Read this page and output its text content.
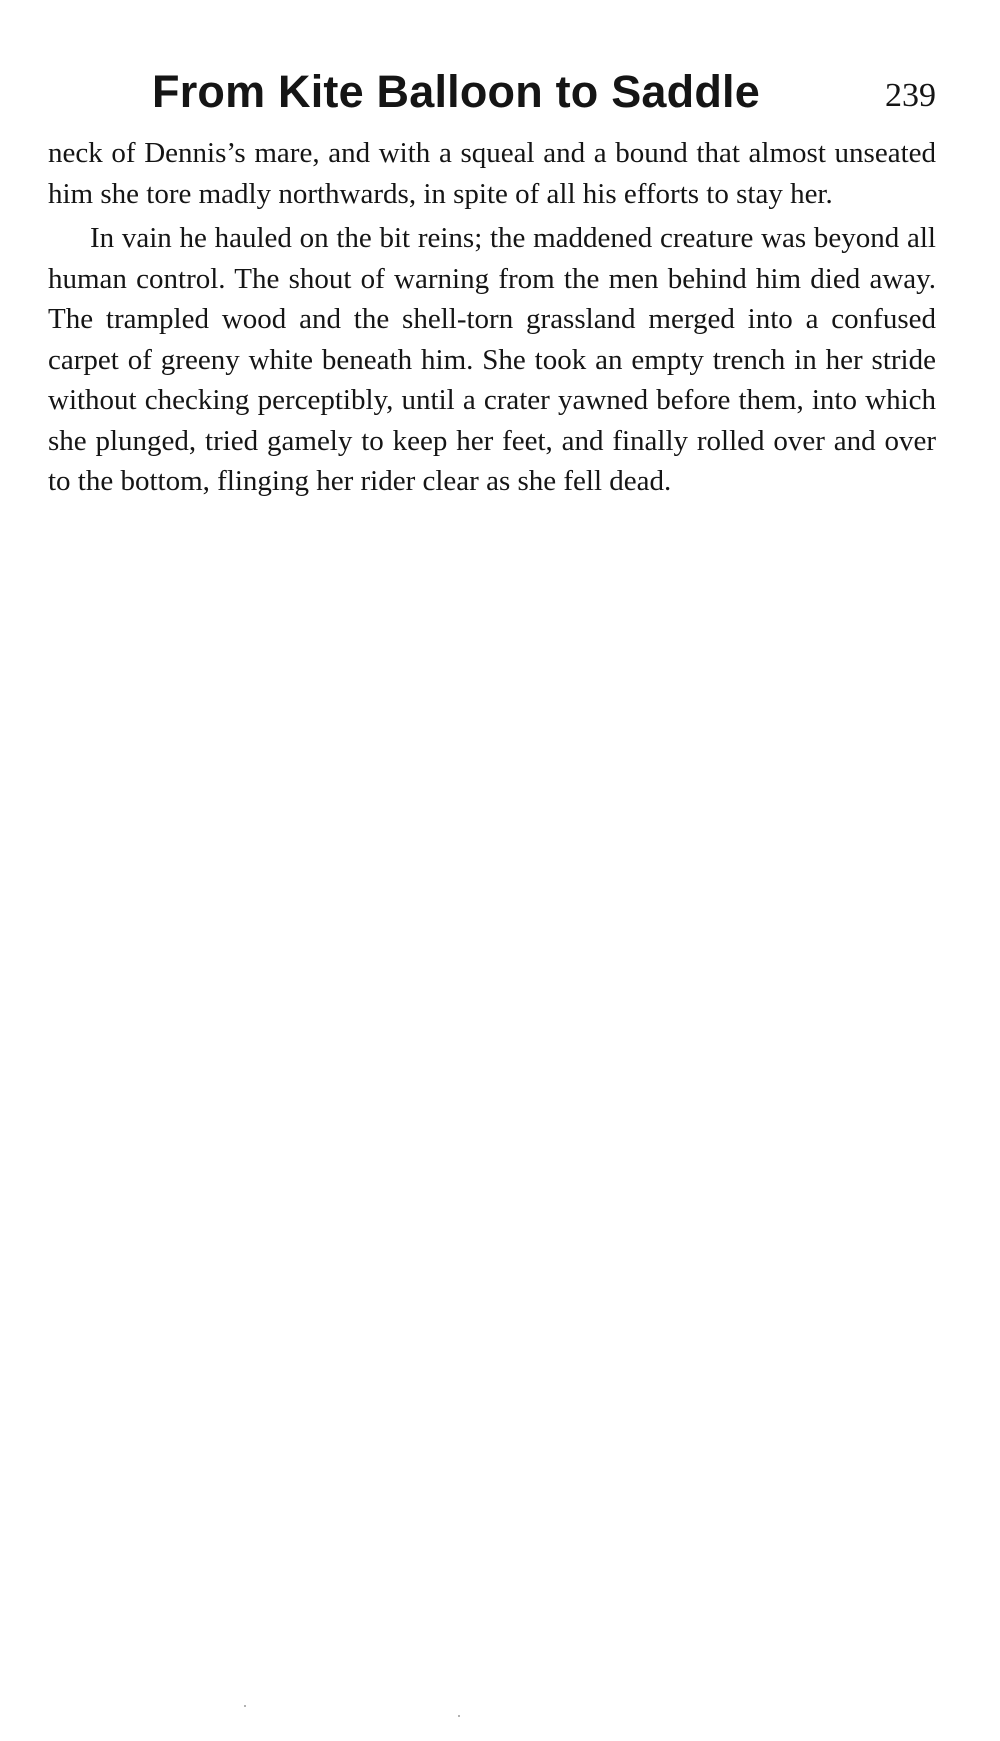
From Kite Balloon to Saddle	239

neck of Dennis’s mare, and with a squeal and a bound that almost unseated him she tore madly northwards, in spite of all his efforts to stay her.

In vain he hauled on the bit reins; the maddened creature was beyond all human control. The shout of warning from the men behind him died away. The trampled wood and the shell-torn grassland merged into a confused carpet of greeny white beneath him. She took an empty trench in her stride without checking perceptibly, until a crater yawned before them, into which she plunged, tried gamely to keep her feet, and finally rolled over and over to the bottom, flinging her rider clear as she fell dead.
